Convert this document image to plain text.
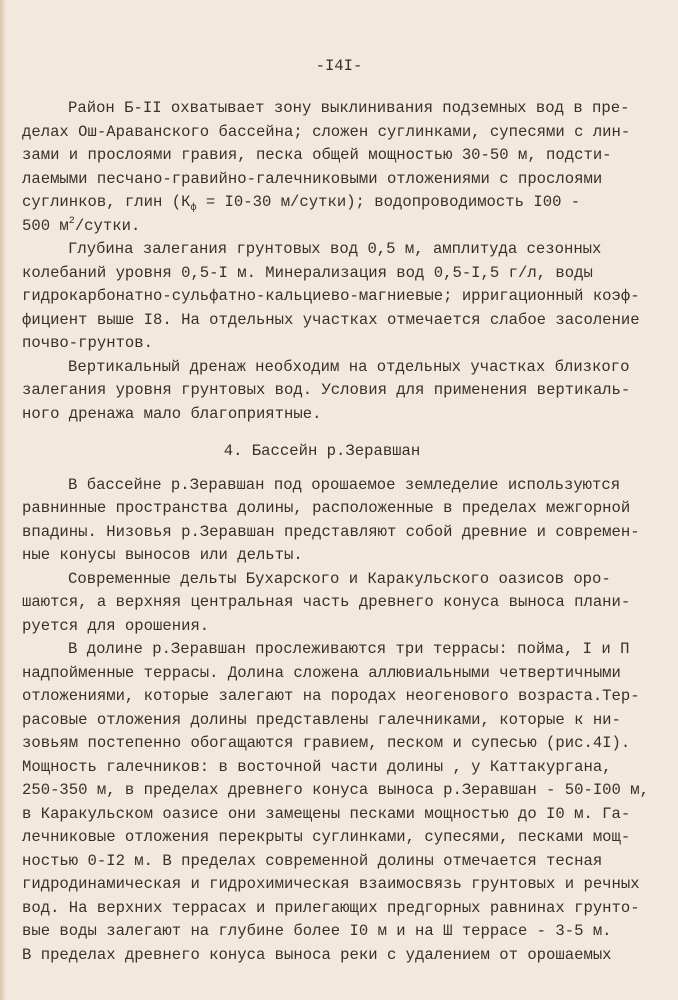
-I4I-
Район Б-II охватывает зону выклинивания подземных вод в пре-
делах Ош-Араванского бассейна; сложен суглинками, супесями с лин-
зами и прослоями гравия, песка общей мощностью 30-50 м, подсти-
лаемыми песчано-гравийно-галечниковыми отложениями с прослоями
суглинков, глин ($К_ф = I0-30$ м/сутки); водопроводимость I00 -
500 $м^2$/сутки.
Глубина залегания грунтовых вод 0,5 м, амплитуда сезонных
колебаний уровня 0,5-I м. Минерализация вод 0,5-I,5 г/л, воды
гидрокарбонатно-сульфатно-кальциево-магниевые; ирригационный коэф-
фициент выше I8. На отдельных участках отмечается слабое засоление
почво-грунтов.
Вертикальный дренаж необходим на отдельных участках близкого
залегания уровня грунтовых вод. Условия для применения вертикаль-
ного дренажа мало благоприятные.
4. Бассейн р.Зеравшан
В бассейне р.Зеравшан под орошаемое земледелие используются
равнинные пространства долины, расположенные в пределах межгорной
впадины. Низовья р.Зеравшан представляют собой древние и современ-
ные конусы выносов или дельты.
Современные дельты Бухарского и Каракульского оазисов оро-
шаются, а верхняя центральная часть древнего конуса выноса плани-
руется для орошения.
В долине р.Зеравшан прослеживаются три террасы: пойма, I и П
надпойменные террасы. Долина сложена аллювиальными четвертичными
отложениями, которые залегают на породах неогенового возраста.Тер-
расовые отложения долины представлены галечниками, которые к ни-
зовьям постепенно обогащаются гравием, песком и супесью (рис.4I).
Мощность галечников: в восточной части долины , у Каттакургана,
250-350 м, в пределах древнего конуса выноса р.Зеравшан - 50-I00 м,
в Каракульском оазисе они замещены песками мощностью до I0 м. Га-
лечниковые отложения перекрыты суглинками, супесями, песками мощ-
ностью 0-I2 м. В пределах современной долины отмечается тесная
гидродинамическая и гидрохимическая взаимосвязь грунтовых и речных
вод. На верхних террасах и прилегающих предгорных равнинах грунто-
вые воды залегают на глубине более I0 м и на Ш террасе - 3-5 м.
В пределах древнего конуса выноса реки с удалением от орошаемых
